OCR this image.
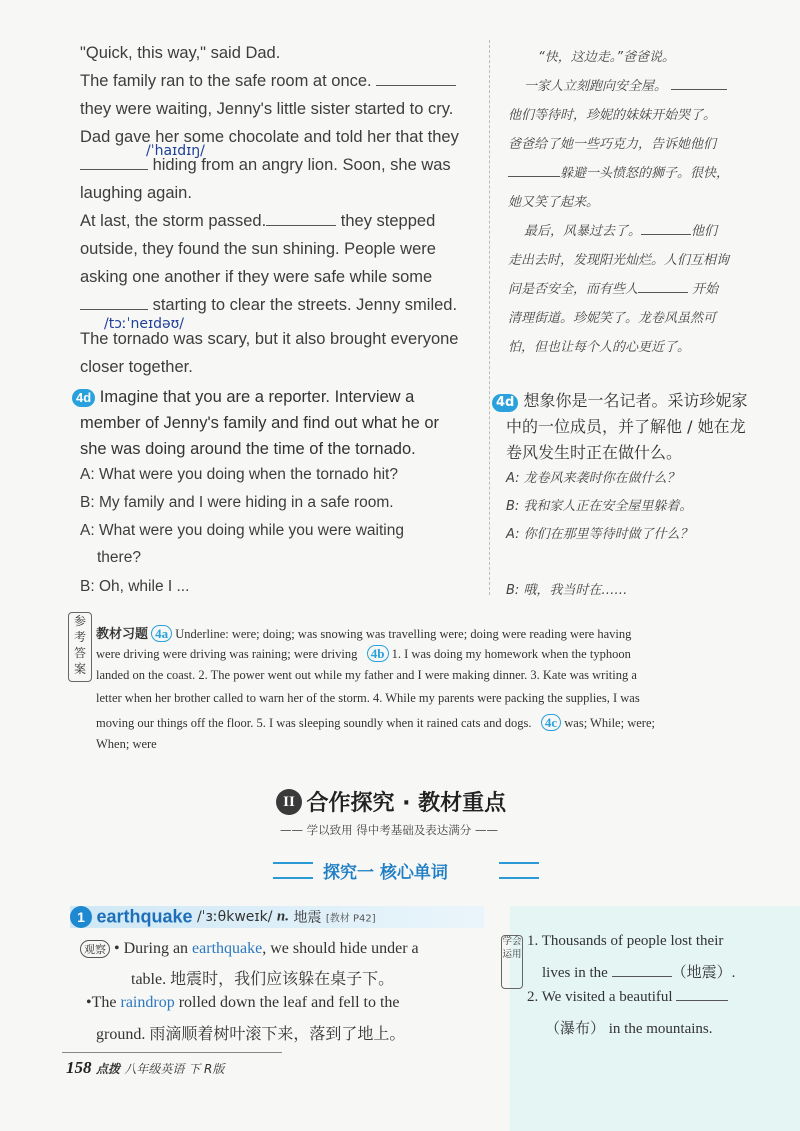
"Quick, this way," said Dad.
The family ran to the safe room at once.
they were waiting, Jenny's little sister started to cry.
Dad gave her some chocolate and told her that they
/ˈhaɪdɪŋ/
hiding from an angry lion. Soon, she was
laughing again.
At last, the storm passed.	they stepped
outside, they found the sun shining. People were
asking one another if they were safe while some
starting to clear the streets. Jenny smiled.
/tɔːˈneɪdəʊ/
The tornado was scary, but it also brought everyone
closer together.
“快，这边走。”爸爸说。
一家人立刻跑向安全屋。
他们等待时，珍妮的妹妹开始哭了。
爸爸给了她一些巧克力，告诉她他们
躲避一头愤怒的狮子。很快，
她又笑了起来。
最后，风暴过去了。	他们
走出去时，发现阳光灿烂。人们互相询
问是否安全，而有些人	开始
清理街道。珍妮笑了。龙卷风虽然可
怕，但也让每个人的心更近了。
4d Imagine that you are a reporter. Interview a
member of Jenny's family and find out what he or
she was doing around the time of the tornado.
A: What were you doing when the tornado hit?
B: My family and I were hiding in a safe room.
A: What were you doing while you were waiting
there?
B: Oh, while I ...
4d 想象你是一名记者。采访珍妮家
中的一位成员，并了解他 / 她在龙
卷风发生时正在做什么。
A: 龙卷风来袭时你在做什么？
B: 我和家人正在安全屋里躲着。
A: 你们在那里等待时做了什么？
B: 哦，我当时在……
参考答案
教材习题 4a Underline: were; doing; was snowing was travelling were; doing were reading were having
were driving were driving was raining; were driving 4b 1. I was doing my homework when the typhoon
landed on the coast. 2. The power went out while my father and I were making dinner. 3. Kate was writing a
letter when her brother called to warn her of the storm. 4. While my parents were packing the supplies, I was
moving our things off the floor. 5. I was sleeping soundly when it rained cats and dogs. 4c was; While; were;
When; were
II 合作探究 · 教材重点
—— 学以致用 得中考基础及表达满分 ——
探究一 核心单词
1 earthquake /ˈɜːθkweɪk/ n. 地震 [教材 P42]
观察 • During an earthquake, we should hide under a
table. 地震时，我们应该躲在桌子下。
•The raindrop rolled down the leaf and fell to the
ground. 雨滴顺着树叶滚下来，落到了地上。
学会运用
1. Thousands of people lost their
lives in the	（地震）.
2. We visited a beautiful
（瀑布） in the mountains.
158 点拨 八年级英语 下 R版
